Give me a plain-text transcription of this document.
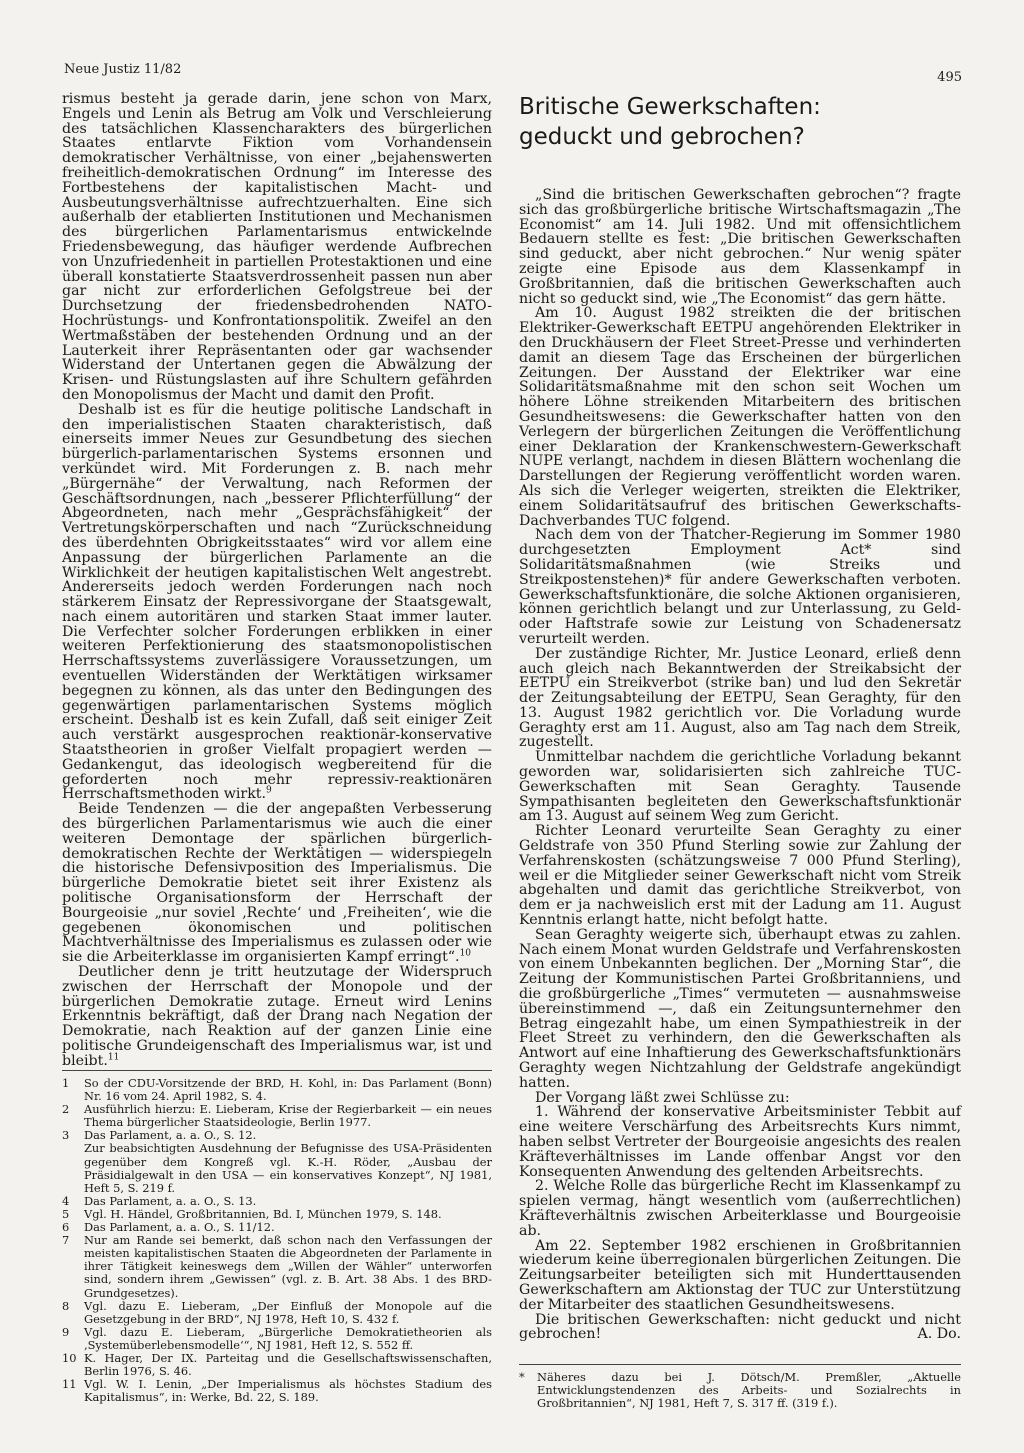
Neue Justiz 11/82
495

rismus besteht ja gerade darin, jene schon von Marx, Engels und Lenin als Betrug am Volk und Verschleierung des tatsächlichen Klassencharakters des bürgerlichen Staates entlarvte Fiktion vom Vorhandensein demokratischer Verhältnisse, von einer „bejahenswerten freiheitlich-demokratischen Ordnung“ im Interesse des Fortbestehens der kapitalistischen Macht- und Ausbeutungsverhältnisse aufrechtzuerhalten. Eine sich außerhalb der etablierten Institutionen und Mechanismen des bürgerlichen Parlamentarismus entwickelnde Friedensbewegung, das häufiger werdende Aufbrechen von Unzufriedenheit in partiellen Protestaktionen und eine überall konstatierte Staatsverdrossenheit passen nun aber gar nicht zur erforderlichen Gefolgstreue bei der Durchsetzung der friedensbedrohenden NATO-Hochrüstungs- und Konfrontationspolitik. Zweifel an den Wertmaßstäben der bestehenden Ordnung und an der Lauterkeit ihrer Repräsentanten oder gar wachsender Widerstand der Untertanen gegen die Abwälzung der Krisen- und Rüstungslasten auf ihre Schultern gefährden den Monopolismus der Macht und damit den Profit.

Deshalb ist es für die heutige politische Landschaft in den imperialistischen Staaten charakteristisch, daß einerseits immer Neues zur Gesundbetung des siechen bürgerlich-parlamentarischen Systems ersonnen und verkündet wird. Mit Forderungen z. B. nach mehr „Bürgernähe“ der Verwaltung, nach Reformen der Geschäftsordnungen, nach „besserer Pflichterfüllung“ der Abgeordneten, nach mehr „Gesprächsfähigkeit“ der Vertretungskörperschaften und nach “Zurückschneidung des überdehnten Obrigkeitsstaates“ wird vor allem eine Anpassung der bürgerlichen Parlamente an die Wirklichkeit der heutigen kapitalistischen Welt angestrebt. Andererseits jedoch werden Forderungen nach noch stärkerem Einsatz der Repressivorgane der Staatsgewalt, nach einem autoritären und starken Staat immer lauter. Die Verfechter solcher Forderungen erblikken in einer weiteren Perfektionierung des staatsmonopolistischen Herrschaftssystems zuverlässigere Voraussetzungen, um eventuellen Widerständen der Werktätigen wirksamer begegnen zu können, als das unter den Bedingungen des gegenwärtigen parlamentarischen Systems möglich erscheint. Deshalb ist es kein Zufall, daß seit einiger Zeit auch verstärkt ausgesprochen reaktionär-konservative Staatstheorien in großer Vielfalt propagiert werden — Gedankengut, das ideologisch wegbereitend für die geforderten noch mehr repressiv-reaktionären Herrschaftsmethoden wirkt.$^9$

Beide Tendenzen — die der angepaßten Verbesserung des bürgerlichen Parlamentarismus wie auch die einer weiteren Demontage der spärlichen bürgerlich-demokratischen Rechte der Werktätigen — widerspiegeln die historische Defensivposition des Imperialismus. Die bürgerliche Demokratie bietet seit ihrer Existenz als politische Organisationsform der Herrschaft der Bourgeoisie „nur soviel ‚Rechte‘ und ‚Freiheiten‘, wie die gegebenen ökonomischen und politischen Machtverhältnisse des Imperialismus es zulassen oder wie sie die Arbeiterklasse im organisierten Kampf erringt“.$^{10}$

Deutlicher denn je tritt heutzutage der Widerspruch zwischen der Herrschaft der Monopole und der bürgerlichen Demokratie zutage. Erneut wird Lenins Erkenntnis bekräftigt, daß der Drang nach Negation der Demokratie, nach Reaktion auf der ganzen Linie eine politische Grundeigenschaft des Imperialismus war, ist und bleibt.$^{11}$

1	So der CDU-Vorsitzende der BRD, H. Kohl, in: Das Parlament (Bonn) Nr. 16 vom 24. April 1982, S. 4.
2	Ausführlich hierzu: E. Lieberam, Krise der Regierbarkeit — ein neues Thema bürgerlicher Staatsideologie, Berlin 1977.
3	Das Parlament, a. a. O., S. 12.
Zur beabsichtigten Ausdehnung der Befugnisse des USA-Präsidenten gegenüber dem Kongreß vgl. K.-H. Röder, „Ausbau der Präsidialgewalt in den USA — ein konservatives Konzept“, NJ 1981, Heft 5, S. 219 f.
4	Das Parlament, a. a. O., S. 13.
5	Vgl. H. Händel, Großbritannien, Bd. I, München 1979, S. 148.
6	Das Parlament, a. a. O., S. 11/12.
7	Nur am Rande sei bemerkt, daß schon nach den Verfassungen der meisten kapitalistischen Staaten die Abgeordneten der Parlamente in ihrer Tätigkeit keineswegs dem „Willen der Wähler“ unterworfen sind, sondern ihrem „Gewissen“ (vgl. z. B. Art. 38 Abs. 1 des BRD-Grundgesetzes).
8	Vgl. dazu E. Lieberam, „Der Einfluß der Monopole auf die Gesetzgebung in der BRD“, NJ 1978, Heft 10, S. 432 f.
9	Vgl. dazu E. Lieberam, „Bürgerliche Demokratietheorien als ‚Systemüberlebensmodelle‘“, NJ 1981, Heft 12, S. 552 ff.
10 K. Hager, Der IX. Parteitag und die Gesellschaftswissenschaften, Berlin 1976, S. 46.
11 Vgl. W. I. Lenin, „Der Imperialismus als höchstes Stadium des Kapitalismus“, in: Werke, Bd. 22, S. 189.
Britische Gewerkschaften:
geduckt und gebrochen?

„Sind die britischen Gewerkschaften gebrochen“? fragte sich das großbürgerliche britische Wirtschaftsmagazin „The Economist“ am 14. Juli 1982. Und mit offensichtlichem Bedauern stellte es fest: „Die britischen Gewerkschaften sind geduckt, aber nicht gebrochen.“ Nur wenig später zeigte eine Episode aus dem Klassenkampf in Großbritannien, daß die britischen Gewerkschaften auch nicht so geduckt sind, wie „The Economist“ das gern hätte.

Am 10. August 1982 streikten die der britischen Elektriker-Gewerkschaft EETPU angehörenden Elektriker in den Druckhäusern der Fleet Street-Presse und verhinderten damit an diesem Tage das Erscheinen der bürgerlichen Zeitungen. Der Ausstand der Elektriker war eine Solidaritätsmaßnahme mit den schon seit Wochen um höhere Löhne streikenden Mitarbeitern des britischen Gesundheitswesens: die Gewerkschafter hatten von den Verlegern der bürgerlichen Zeitungen die Veröffentlichung einer Deklaration der Krankenschwestern-Gewerkschaft NUPE verlangt, nachdem in diesen Blättern wochenlang die Darstellungen der Regierung veröffentlicht worden waren. Als sich die Verleger weigerten, streikten die Elektriker, einem Solidaritätsaufruf des britischen Gewerkschafts-Dachverbandes TUC folgend.

Nach dem von der Thatcher-Regierung im Sommer 1980 durchgesetzten Employment Act* sind Solidaritätsmaßnahmen (wie Streiks und Streikpostenstehen)* für andere Gewerkschaften verboten. Gewerkschaftsfunktionäre, die solche Aktionen organisieren, können gerichtlich belangt und zur Unterlassung, zu Geld- oder Haftstrafe sowie zur Leistung von Schadenersatz verurteilt werden.

Der zuständige Richter, Mr. Justice Leonard, erließ denn auch gleich nach Bekanntwerden der Streikabsicht der EETPU ein Streikverbot (strike ban) und lud den Sekretär der Zeitungsabteilung der EETPU, Sean Geraghty, für den 13. August 1982 gerichtlich vor. Die Vorladung wurde Geraghty erst am 11. August, also am Tag nach dem Streik, zugestellt.

Unmittelbar nachdem die gerichtliche Vorladung bekannt geworden war, solidarisierten sich zahlreiche TUC-Gewerkschaften mit Sean Geraghty. Tausende Sympathisanten begleiteten den Gewerkschaftsfunktionär am 13. August auf seinem Weg zum Gericht.

Richter Leonard verurteilte Sean Geraghty zu einer Geldstrafe von 350 Pfund Sterling sowie zur Zahlung der Verfahrenskosten (schätzungsweise 7 000 Pfund Sterling), weil er die Mitglieder seiner Gewerkschaft nicht vom Streik abgehalten und damit das gerichtliche Streikverbot, von dem er ja nachweislich erst mit der Ladung am 11. August Kenntnis erlangt hatte, nicht befolgt hatte.

Sean Geraghty weigerte sich, überhaupt etwas zu zahlen. Nach einem Monat wurden Geldstrafe und Verfahrenskosten von einem Unbekannten beglichen. Der „Morning Star“, die Zeitung der Kommunistischen Partei Großbritanniens, und die großbürgerliche „Times“ vermuteten — ausnahmsweise übereinstimmend —, daß ein Zeitungsunternehmer den Betrag eingezahlt habe, um einen Sympathiestreik in der Fleet Street zu verhindern, den die Gewerkschaften als Antwort auf eine Inhaftierung des Gewerkschaftsfunktionärs Geraghty wegen Nichtzahlung der Geldstrafe angekündigt hatten.

Der Vorgang läßt zwei Schlüsse zu:

1. Während der konservative Arbeitsminister Tebbit auf eine weitere Verschärfung des Arbeitsrechts Kurs nimmt, haben selbst Vertreter der Bourgeoisie angesichts des realen Kräfteverhältnisses im Lande offenbar Angst vor den Konsequenten Anwendung des geltenden Arbeitsrechts.

2. Welche Rolle das bürgerliche Recht im Klassenkampf zu spielen vermag, hängt wesentlich vom (außerrechtlichen) Kräfteverhältnis zwischen Arbeiterklasse und Bourgeoisie ab.

Am 22. September 1982 erschienen in Großbritannien wiederum keine überregionalen bürgerlichen Zeitungen. Die Zeitungsarbeiter beteiligten sich mit Hunderttausenden Gewerkschaftern am Aktionstag der TUC zur Unterstützung der Mitarbeiter des staatlichen Gesundheitswesens.

Die britischen Gewerkschaften: nicht geduckt und nicht gebrochen!	A. Do.

*	Näheres dazu bei J. Dötsch/M. Premßler, „Aktuelle Entwicklungstendenzen des Arbeits- und Sozialrechts in Großbritannien“, NJ 1981, Heft 7, S. 317 ff. (319 f.).
